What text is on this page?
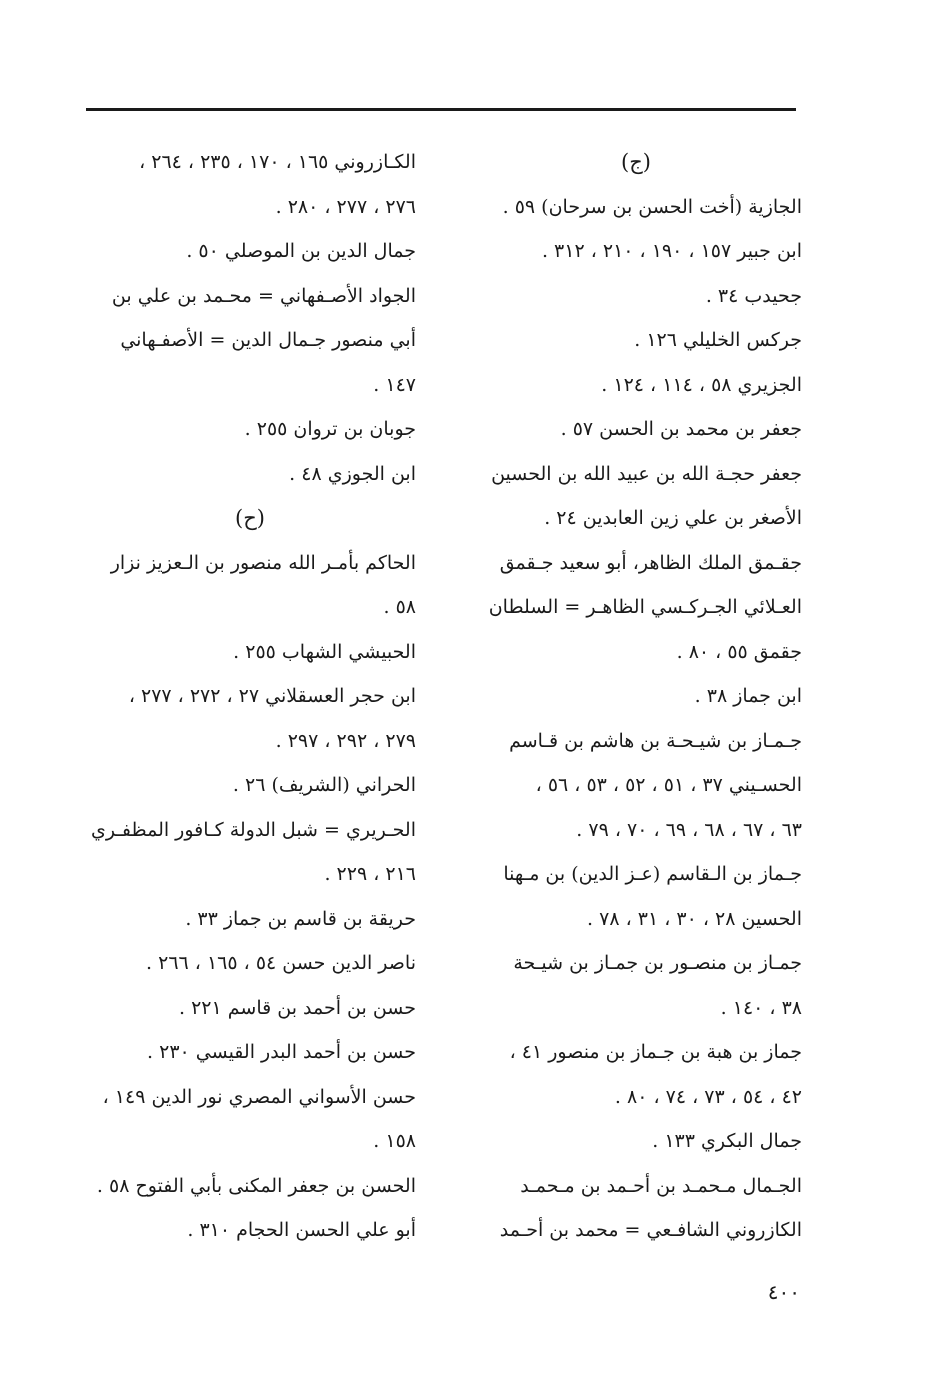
(ج)
الجازية (أخت الحسن بن سرحان) ٥٩ .
ابن جبير ١٥٧ ، ١٩٠ ، ٢١٠ ، ٣١٢ .
جحيدب ٣٤ .
جركس الخليلي ١٢٦ .
الجزيري ٥٨ ، ١١٤ ، ١٢٤ .
جعفر بن محمد بن الحسن ٥٧ .
جعفر حجـة الله بن عبيد الله بن الحسين
الأصغر بن علي زين العابدين ٢٤ .
جقـمق الملك الظاهر، أبو سعيد جـقمق
العـلائي الجـركـسي الظاهـر = السلطان
جقمق ٥٥ ، ٨٠ .
ابن جماز ٣٨ .
جـمـاز بن شيـحـة بن هاشم بن قـاسم
الحسـيني ٣٧ ، ٥١ ، ٥٢ ، ٥٣ ، ٥٦ ،
٦٣ ، ٦٧ ، ٦٨ ، ٦٩ ، ٧٠ ، ٧٩ .
جـماز بن الـقاسم (عـز الدين) بن مـهنا
الحسين ٢٨ ، ٣٠ ، ٣١ ، ٧٨ .
جمـاز بن منصـور بن جمـاز بن شيـحة
٣٨ ، ١٤٠ .
جماز بن هبة بن جـماز بن منصور ٤١ ،
٤٢ ، ٥٤ ، ٧٣ ، ٧٤ ، ٨٠ .
جمال البكري ١٣٣ .
الجـمال مـحمـد بن أحـمد بن مـحمـد
الكازروني الشافـعي = محمد بن أحـمد
الكـازروني ١٦٥ ، ١٧٠ ، ٢٣٥ ، ٢٦٤ ،
٢٧٦ ، ٢٧٧ ، ٢٨٠ .
جمال الدين بن الموصلي ٥٠ .
الجواد الأصـفهاني = محـمد بن علي بن
أبي منصور جـمال الدين = الأصفـهاني
١٤٧ .
جوبان بن تروان ٢٥٥ .
ابن الجوزي ٤٨ .
(ح)
الحاكم بأمـر الله منصور بن الـعزيز نزار
٥٨ .
الحبيشي الشهاب ٢٥٥ .
ابن حجر العسقلاني ٢٧ ، ٢٧٢ ، ٢٧٧ ،
٢٧٩ ، ٢٩٢ ، ٢٩٧ .
الحراني (الشريف) ٢٦ .
الحـريري = شبل الدولة كـافور المظفـري
٢١٦ ، ٢٢٩ .
حريقة بن قاسم بن جماز ٣٣ .
ناصر الدين حسن ٥٤ ، ١٦٥ ، ٢٦٦ .
حسن بن أحمد بن قاسم ٢٢١ .
حسن بن أحمد البدر القيسي ٢٣٠ .
حسن الأسواني المصري نور الدين ١٤٩ ،
١٥٨ .
الحسن بن جعفر المكنى بأبي الفتوح ٥٨ .
أبو علي الحسن الحجام ٣١٠ .
٤٠٠
